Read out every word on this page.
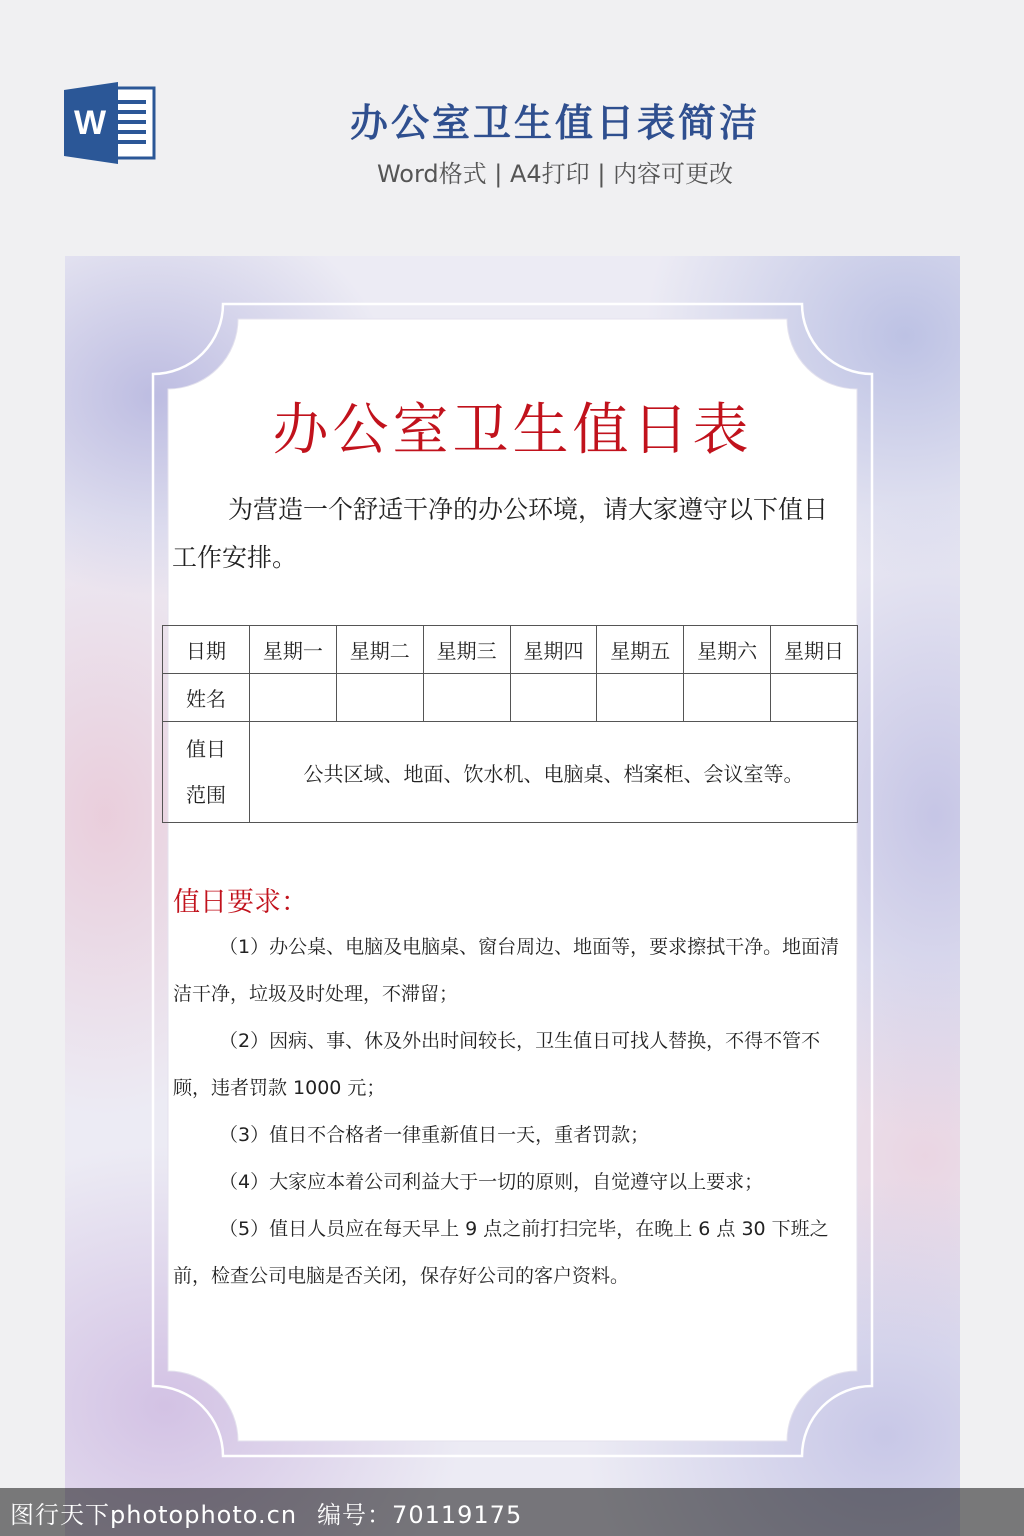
W	办公室卫生值日表简洁
Word格式 | A4打印 | 内容可更改
办公室卫生值日表

为营造一个舒适干净的办公环境，请大家遵守以下值日工作安排。

日期	星期一	星期二	星期三	星期四	星期五	星期六	星期日
姓名							
值日
范围	公共区域、地面、饮水机、电脑桌、档案柜、会议室等。						
值日要求：

（1）办公桌、电脑及电脑桌、窗台周边、地面等，要求擦拭干净。地面清洁干净，垃圾及时处理，不滞留；

（2）因病、事、休及外出时间较长，卫生值日可找人替换，不得不管不顾，违者罚款 1000 元；

（3）值日不合格者一律重新值日一天，重者罚款；

（4）大家应本着公司利益大于一切的原则，自觉遵守以上要求；

（5）值日人员应在每天早上 9 点之前打扫完毕，在晚上 6 点 30 下班之前，检查公司电脑是否关闭，保存好公司的客户资料。

图行天下photophoto.cn 编号：70119175
